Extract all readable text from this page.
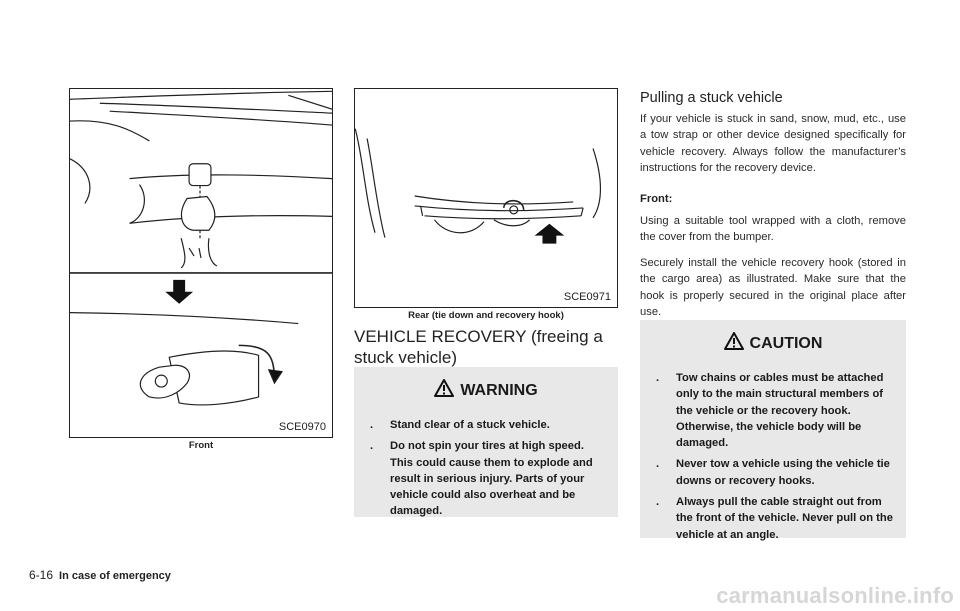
SCE0970
Front
SCE0971
Rear (tie down and recovery hook)
VEHICLE RECOVERY (freeing a stuck vehicle)
WARNING
. Stand clear of a stuck vehicle.
. Do not spin your tires at high speed. This could cause them to explode and result in serious injury. Parts of your vehicle could also overheat and be damaged.
Pulling a stuck vehicle

If your vehicle is stuck in sand, snow, mud, etc., use a tow strap or other device designed specifically for vehicle recovery. Always follow the manufacturer’s instructions for the recovery device.

Front:

Using a suitable tool wrapped with a cloth, remove the cover from the bumper.

Securely install the vehicle recovery hook (stored in the cargo area) as illustrated. Make sure that the hook is properly secured in the original place after use.

CAUTION
. Tow chains or cables must be attached only to the main structural members of the vehicle or the recovery hook. Otherwise, the vehicle body will be damaged.
. Never tow a vehicle using the vehicle tie downs or recovery hooks.
. Always pull the cable straight out from the front of the vehicle. Never pull on the vehicle at an angle.
6-16 In case of emergency
carmanualsonline.info
